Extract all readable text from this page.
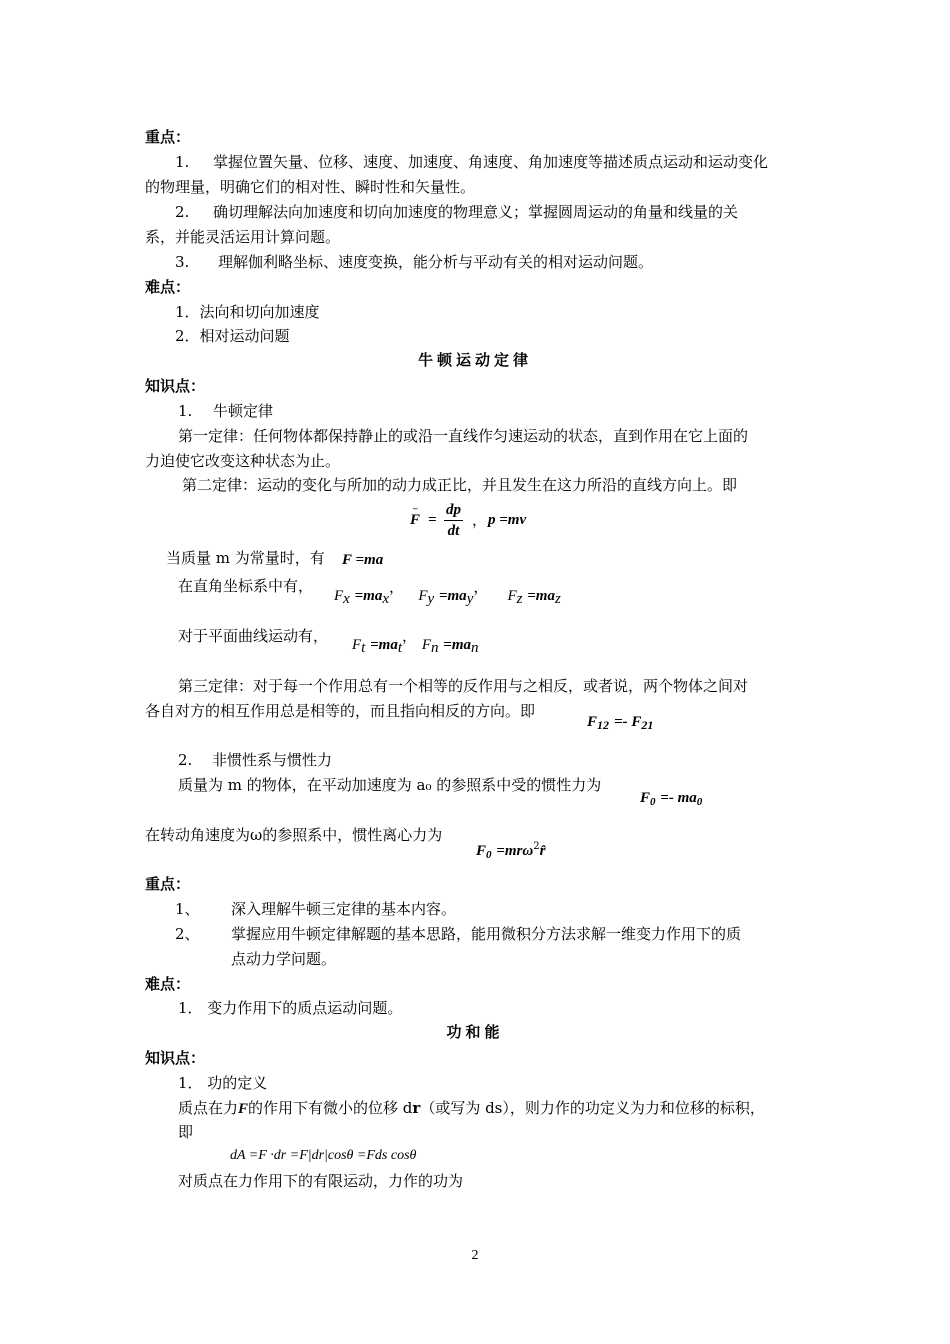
重点：
1. 掌握位置矢量、位移、速度、加速度、角速度、角加速度等描述质点运动和运动变化
的物理量，明确它们的相对性、瞬时性和矢量性。
2. 确切理解法向加速度和切向加速度的物理意义；掌握圆周运动的角量和线量的关
系，并能灵活运用计算问题。
3. 理解伽利略坐标、速度变换，能分析与平动有关的相对运动问题。
难点：
1．法向和切向加速度
2．相对运动问题
牛顿运动定律
知识点：
1. 牛顿定律
第一定律：任何物体都保持静止的或沿一直线作匀速运动的状态，直到作用在它上面的
力迫使它改变这种状态为止。
第二定律：运动的变化与所加的动力成正比，并且发生在这力所沿的直线方向上。即
F
–
= $\frac{dp}{dt}$ ， p =mv
当质量 m 为常量时，有 F =ma
在直角坐标系中有，
$F_x =ma_x$， $F_y =ma_y$， $F_z =ma_z$
对于平面曲线运动有， $F_t =ma_t$， $F_n =ma_n$
第三定律：对于每一个作用总有一个相等的反作用与之相反，或者说，两个物体之间对
各自对方的相互作用总是相等的，而且指向相反的方向。即
$F_{12} =- F_{21}$
2. 非惯性系与惯性力
质量为 m 的物体，在平动加速度为 a₀ 的参照系中受的惯性力为
$F_0 =- ma_0$
在转动角速度为ω的参照系中，惯性离心力为
$F_0$ =mrω$^2$r̂
重点：
1、 深入理解牛顿三定律的基本内容。
2、 掌握应用牛顿定律解题的基本思路，能用微积分方法求解一维变力作用下的质
点动力学问题。
难点：
1． 变力作用下的质点运动问题。
功和能
知识点：
1． 功的定义
质点在力F的作用下有微小的位移 dr（或写为 ds），则力作的功定义为力和位移的标积，
即
dA =F ·dr =F|dr|cosθ =Fds cosθ
对质点在力作用下的有限运动，力作的功为
2
